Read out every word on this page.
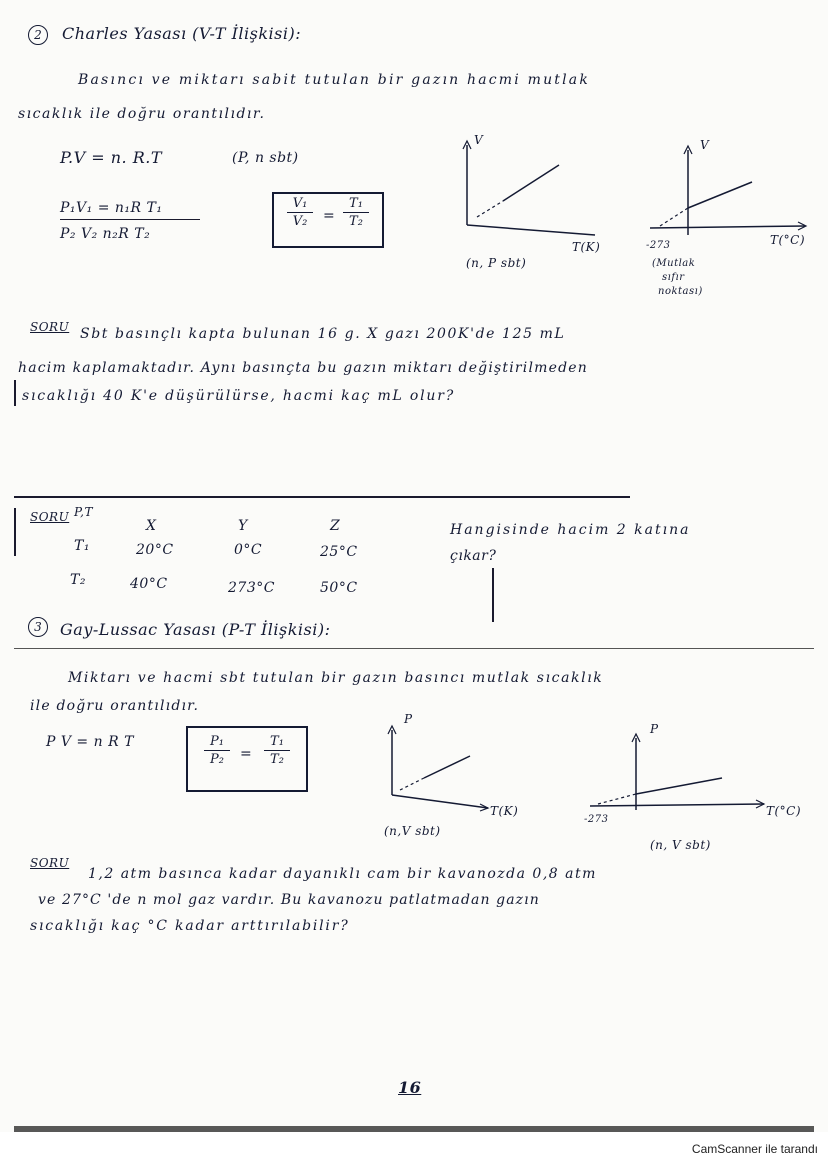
2	Charles Yasası (V-T İlişkisi):
Basıncı ve miktarı sabit tutulan bir gazın hacmi mutlak
sıcaklık ile doğru orantılıdır.
P.V = n. R.T	(P, n sbt)
P₁V₁ = n₁R T₁
P₂ V₂ n₂R T₂
V₁
V₂ =
T₁
T₂
V
T(K)
(n, P sbt)
V
T(°C)
-273
(Mutlak
sıfır
noktası)
SORU Sbt basınçlı kapta bulunan 16 g. X gazı 200K'de 125 mL
hacim kaplamaktadır. Aynı basınçta bu gazın miktarı değiştirilmeden
sıcaklığı 40 K'e düşürülürse, hacmi kaç mL olur?
SORU P,T
X	Y	Z
T₁	20°C	0°C	25°C
T₂	40°C	273°C	50°C
Hangisinde hacim 2 katına
çıkar?
3	Gay-Lussac Yasası (P-T İlişkisi):
Miktarı ve hacmi sbt tutulan bir gazın basıncı mutlak sıcaklık
ile doğru orantılıdır.
P V = n R T	P₁
P₂ =
T₁
T₂
P
T(K)
(n,V sbt)
P
T(°C)
-273
(n, V sbt)
SORU
1,2 atm basınca kadar dayanıklı cam bir kavanozda 0,8 atm
ve 27°C 'de n mol gaz vardır. Bu kavanozu patlatmadan gazın
sıcaklığı kaç °C kadar arttırılabilir?
16
CamScanner ile tarandı
